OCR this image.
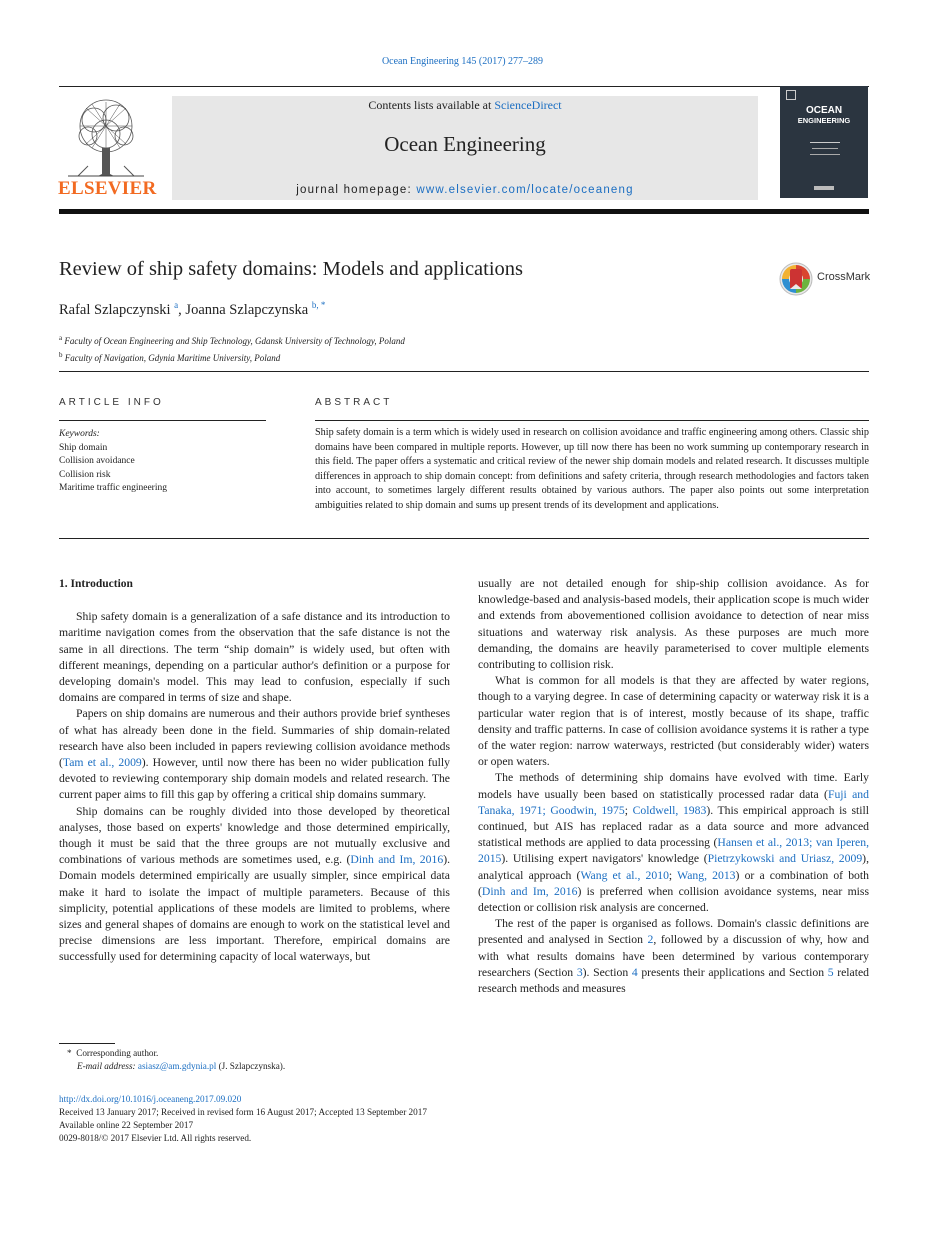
Ocean Engineering 145 (2017) 277–289
ELSEVIER
Contents lists available at ScienceDirect
Ocean Engineering
journal homepage: www.elsevier.com/locate/oceaneng
OCEAN
ENGINEERING
Review of ship safety domains: Models and applications	CrossMark
Rafal Szlapczynski $^a$, Joanna Szlapczynska $^{b, *}$
$^a$ Faculty of Ocean Engineering and Ship Technology, Gdansk University of Technology, Poland
$^b$ Faculty of Navigation, Gdynia Maritime University, Poland
ARTICLE INFO	ABSTRACT
Keywords:
Ship domain
Collision avoidance
Collision risk
Maritime traffic engineering
Ship safety domain is a term which is widely used in research on collision avoidance and traffic engineering among others. Classic ship domains have been compared in multiple reports. However, up till now there has been no work summing up contemporary research in this field. The paper offers a systematic and critical review of the newer ship domain models and related research. It discusses multiple differences in approach to ship domain concept: from definitions and safety criteria, through research methodologies and factors taken into account, to sometimes largely different results obtained by various authors. The paper also points out some interpretation ambiguities related to ship domain and sums up present trends of its development and applications.
1. Introduction

Ship safety domain is a generalization of a safe distance and its introduction to maritime navigation comes from the observation that the safe distance is not the same in all directions. The term “ship domain” is widely used, but often with different meanings, depending on a particular author's definition or a purpose for developing domain's model. This may lead to confusion, especially if such domains are compared in terms of size and shape.

Papers on ship domains are numerous and their authors provide brief syntheses of what has already been done in the field. Summaries of ship domain-related research have also been included in papers reviewing collision avoidance methods (Tam et al., 2009). However, until now there has been no wider publication fully devoted to reviewing contemporary ship domain models and related research. The current paper aims to fill this gap by offering a critical ship domains summary.

Ship domains can be roughly divided into those developed by theoretical analyses, those based on experts' knowledge and those determined empirically, though it must be said that the three groups are not mutually exclusive and combinations of various methods are sometimes used, e.g. (Dinh and Im, 2016). Domain models determined empirically are usually simpler, since empirical data make it hard to isolate the impact of multiple parameters. Because of this simplicity, potential applications of these models are limited to problems, where sizes and general shapes of domains are enough to work on the statistical level and precise dimensions are less important. Therefore, empirical domains are successfully used for determining capacity of local waterways, but

usually are not detailed enough for ship-ship collision avoidance. As for knowledge-based and analysis-based models, their application scope is much wider and extends from abovementioned collision avoidance to detection of near miss situations and waterway risk analysis. As these purposes are much more demanding, the domains are heavily parameterised to cover multiple elements contributing to collision risk.

What is common for all models is that they are affected by water regions, though to a varying degree. In case of determining capacity or waterway risk it is a particular water region that is of interest, mostly because of its shape, traffic density and traffic patterns. In case of collision avoidance systems it is rather a type of the water region: narrow waterways, restricted (but considerably wider) waters or open waters.

The methods of determining ship domains have evolved with time. Early models have usually been based on statistically processed radar data (Fuji and Tanaka, 1971; Goodwin, 1975; Coldwell, 1983). This empirical approach is still continued, but AIS has replaced radar as a data source and more advanced statistical methods are applied to data processing (Hansen et al., 2013; van Iperen, 2015). Utilising expert navigators' knowledge (Pietrzykowski and Uriasz, 2009), analytical approach (Wang et al., 2010; Wang, 2013) or a combination of both (Dinh and Im, 2016) is preferred when collision avoidance systems, near miss detection or collision risk analysis are concerned.

The rest of the paper is organised as follows. Domain's classic definitions are presented and analysed in Section 2, followed by a discussion of why, how and with what results domains have been determined by various contemporary researchers (Section 3). Section 4 presents their applications and Section 5 related research methods and measures

* Corresponding author.
E-mail address: asiasz@am.gdynia.pl (J. Szlapczynska).
http://dx.doi.org/10.1016/j.oceaneng.2017.09.020
Received 13 January 2017; Received in revised form 16 August 2017; Accepted 13 September 2017
Available online 22 September 2017
0029-8018/© 2017 Elsevier Ltd. All rights reserved.
